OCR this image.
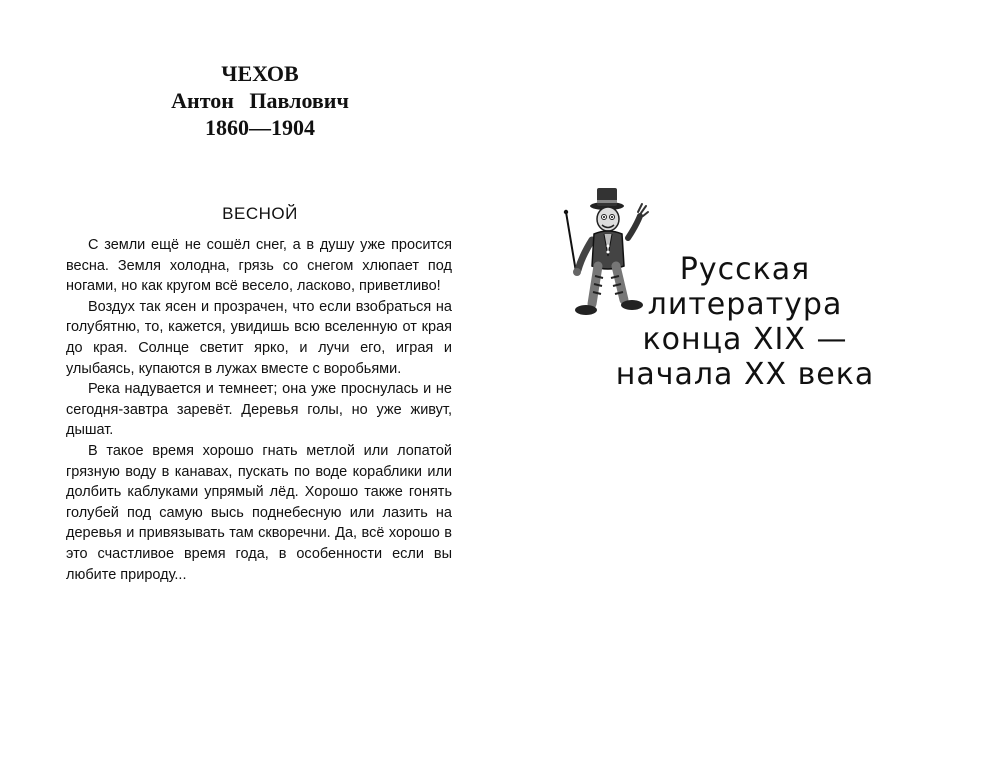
ЧЕХОВ
Антон Павлович
1860—1904
ВЕСНОЙ

С земли ещё не сошёл снег, а в душу уже просится весна. Земля холодна, грязь со снегом хлюпает под ногами, но как кругом всё весело, ласково, приветливо!

Воздух так ясен и прозрачен, что если взобраться на голубятню, то, кажется, увидишь всю вселенную от края до края. Солнце светит ярко, и лучи его, играя и улыбаясь, купаются в лужах вместе с воробьями.

Река надувается и темнеет; она уже проснулась и не сегодня-завтра заревёт. Деревья голы, но уже живут, дышат.

В такое время хорошо гнать метлой или лопатой грязную воду в канавах, пускать по воде кораблики или долбить каблуками упрямый лёд. Хорошо также гонять голубей под самую высь поднебесную или лазить на деревья и привязывать там скворечни. Да, всё хорошо в это счастливое время года, в особенности если вы любите природу...

Русская
литература
конца XIX —
начала XX века
